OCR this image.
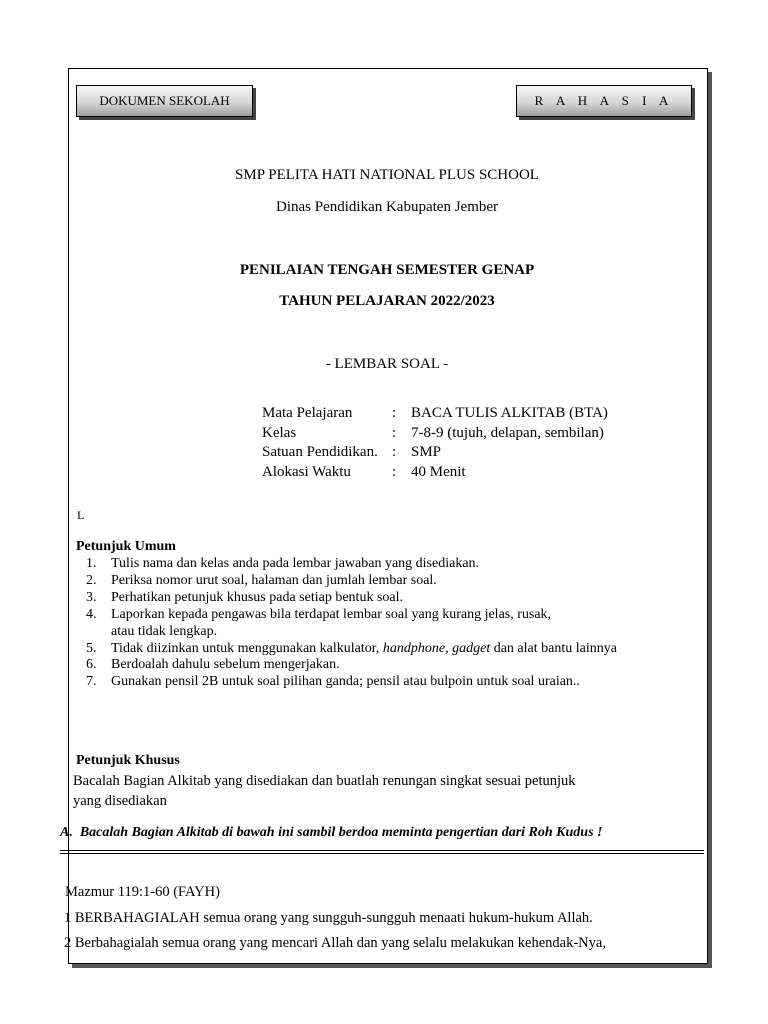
DOKUMEN SEKOLAH	R A H A S I A
SMP PELITA HATI NATIONAL PLUS SCHOOL
Dinas Pendidikan Kabupaten Jember
PENILAIAN TENGAH SEMESTER GENAP
TAHUN PELAJARAN 2022/2023
- LEMBAR SOAL -
Mata Pelajaran	: BACA TULIS ALKITAB (BTA)
Kelas	: 7-8-9 (tujuh, delapan, sembilan)
Satuan Pendidikan. : SMP
Alokasi Waktu	: 40 Menit
L
Petunjuk Umum
1.	Tulis nama dan kelas anda pada lembar jawaban yang disediakan.
2.	Periksa nomor urut soal, halaman dan jumlah lembar soal.
3.	Perhatikan petunjuk khusus pada setiap bentuk soal.
4.	Laporkan kepada pengawas bila terdapat lembar soal yang kurang jelas, rusak,
atau tidak lengkap.
5.	Tidak diizinkan untuk menggunakan kalkulator, handphone, gadget dan alat bantu lainnya
6.	Berdoalah dahulu sebelum mengerjakan.
7.	Gunakan pensil 2B untuk soal pilihan ganda; pensil atau bulpoin untuk soal uraian..
Petunjuk Khusus
Bacalah Bagian Alkitab yang disediakan dan buatlah renungan singkat sesuai petunjuk
yang disediakan
A. Bacalah Bagian Alkitab di bawah ini sambil berdoa meminta pengertian dari Roh Kudus !
Mazmur 119:1-60 (FAYH)
1 BERBAHAGIALAH semua orang yang sungguh-sungguh menaati hukum-hukum Allah.
2 Berbahagialah semua orang yang mencari Allah dan yang selalu melakukan kehendak-Nya,
